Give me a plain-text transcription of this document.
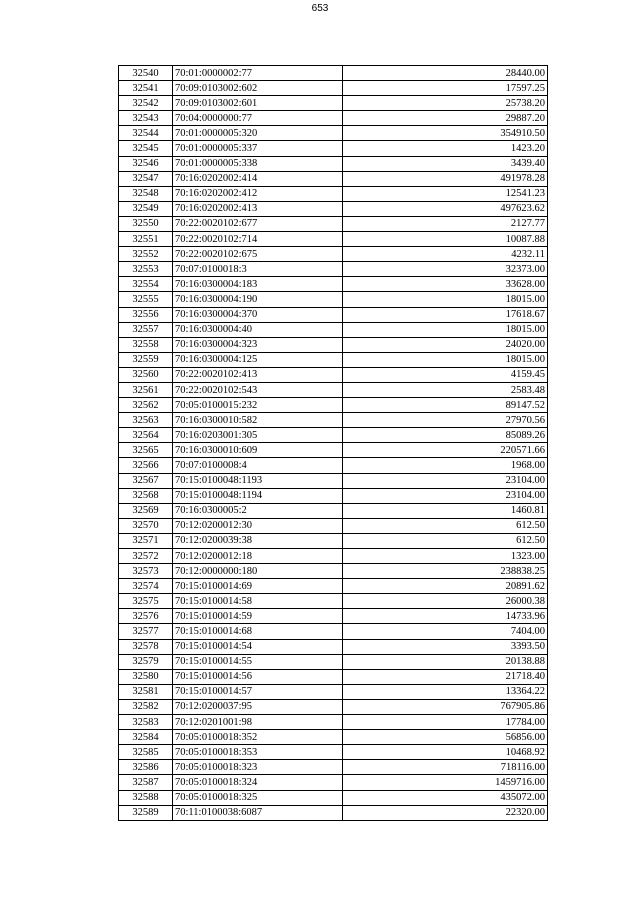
653
32540	70:01:0000002:77	28440.00
32541	70:09:0103002:602	17597.25
32542	70:09:0103002:601	25738.20
32543	70:04:0000000:77	29887.20
32544	70:01:0000005:320	354910.50
32545	70:01:0000005:337	1423.20
32546	70:01:0000005:338	3439.40
32547	70:16:0202002:414	491978.28
32548	70:16:0202002:412	12541.23
32549	70:16:0202002:413	497623.62
32550	70:22:0020102:677	2127.77
32551	70:22:0020102:714	10087.88
32552	70:22:0020102:675	4232.11
32553	70:07:0100018:3	32373.00
32554	70:16:0300004:183	33628.00
32555	70:16:0300004:190	18015.00
32556	70:16:0300004:370	17618.67
32557	70:16:0300004:40	18015.00
32558	70:16:0300004:323	24020.00
32559	70:16:0300004:125	18015.00
32560	70:22:0020102:413	4159.45
32561	70:22:0020102:543	2583.48
32562	70:05:0100015:232	89147.52
32563	70:16:0300010:582	27970.56
32564	70:16:0203001:305	85089.26
32565	70:16:0300010:609	220571.66
32566	70:07:0100008:4	1968.00
32567	70:15:0100048:1193	23104.00
32568	70:15:0100048:1194	23104.00
32569	70:16:0300005:2	1460.81
32570	70:12:0200012:30	612.50
32571	70:12:0200039:38	612.50
32572	70:12:0200012:18	1323.00
32573	70:12:0000000:180	238838.25
32574	70:15:0100014:69	20891.62
32575	70:15:0100014:58	26000.38
32576	70:15:0100014:59	14733.96
32577	70:15:0100014:68	7404.00
32578	70:15:0100014:54	3393.50
32579	70:15:0100014:55	20138.88
32580	70:15:0100014:56	21718.40
32581	70:15:0100014:57	13364.22
32582	70:12:0200037:95	767905.86
32583	70:12:0201001:98	17784.00
32584	70:05:0100018:352	56856.00
32585	70:05:0100018:353	10468.92
32586	70:05:0100018:323	718116.00
32587	70:05:0100018:324	1459716.00
32588	70:05:0100018:325	435072.00
32589	70:11:0100038:6087	22320.00
